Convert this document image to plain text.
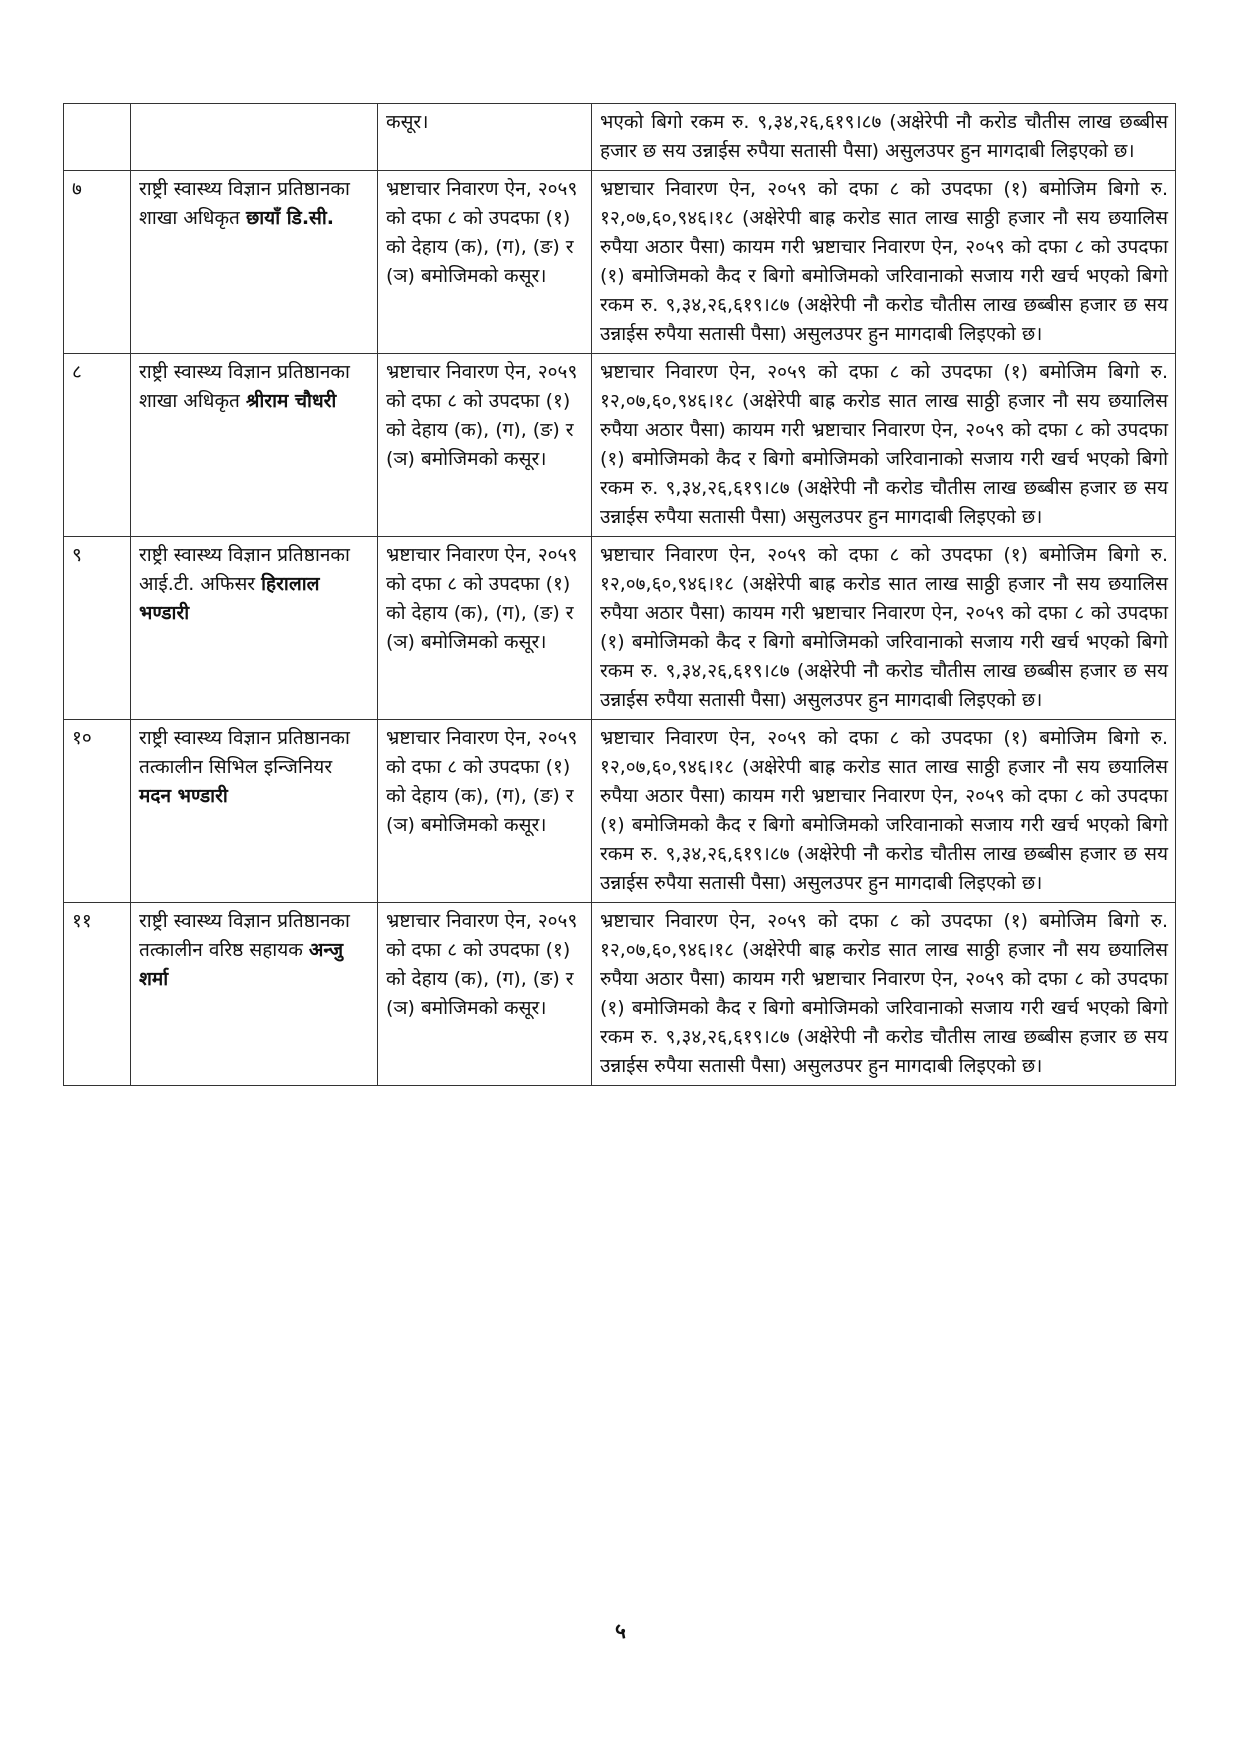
		कसूर।	भएको बिगो रकम रु. ९,३४,२६,६१९।८७ (अक्षेरेपी नौ करोड चौतीस लाख छब्बीस हजार छ सय उन्नाईस रुपैया सतासी पैसा) असुलउपर हुन मागदाबी लिइएको छ।
७	राष्ट्री स्वास्थ्य विज्ञान प्रतिष्ठानका शाखा अधिकृत छायाँ डि.सी.	भ्रष्टाचार निवारण ऐन, २०५९ को दफा ८ को उपदफा (१) को देहाय (क), (ग), (ङ) र (ञ) बमोजिमको कसूर।	भ्रष्टाचार निवारण ऐन, २०५९ को दफा ८ को उपदफा (१) बमोजिम बिगो रु. १२,०७,६०,९४६।१८ (अक्षेरेपी बाह्र करोड सात लाख साठ्ठी हजार नौ सय छयालिस रुपैया अठार पैसा) कायम गरी भ्रष्टाचार निवारण ऐन, २०५९ को दफा ८ को उपदफा (१) बमोजिमको कैद र बिगो बमोजिमको जरिवानाको सजाय गरी खर्च भएको बिगो रकम रु. ९,३४,२६,६१९।८७ (अक्षेरेपी नौ करोड चौतीस लाख छब्बीस हजार छ सय उन्नाईस रुपैया सतासी पैसा) असुलउपर हुन मागदाबी लिइएको छ।
८	राष्ट्री स्वास्थ्य विज्ञान प्रतिष्ठानका शाखा अधिकृत श्रीराम चौधरी	भ्रष्टाचार निवारण ऐन, २०५९ को दफा ८ को उपदफा (१) को देहाय (क), (ग), (ङ) र (ञ) बमोजिमको कसूर।	भ्रष्टाचार निवारण ऐन, २०५९ को दफा ८ को उपदफा (१) बमोजिम बिगो रु. १२,०७,६०,९४६।१८ (अक्षेरेपी बाह्र करोड सात लाख साठ्ठी हजार नौ सय छयालिस रुपैया अठार पैसा) कायम गरी भ्रष्टाचार निवारण ऐन, २०५९ को दफा ८ को उपदफा (१) बमोजिमको कैद र बिगो बमोजिमको जरिवानाको सजाय गरी खर्च भएको बिगो रकम रु. ९,३४,२६,६१९।८७ (अक्षेरेपी नौ करोड चौतीस लाख छब्बीस हजार छ सय उन्नाईस रुपैया सतासी पैसा) असुलउपर हुन मागदाबी लिइएको छ।
९	राष्ट्री स्वास्थ्य विज्ञान प्रतिष्ठानका आई.टी. अफिसर हिरालाल भण्डारी	भ्रष्टाचार निवारण ऐन, २०५९ को दफा ८ को उपदफा (१) को देहाय (क), (ग), (ङ) र (ञ) बमोजिमको कसूर।	भ्रष्टाचार निवारण ऐन, २०५९ को दफा ८ को उपदफा (१) बमोजिम बिगो रु. १२,०७,६०,९४६।१८ (अक्षेरेपी बाह्र करोड सात लाख साठ्ठी हजार नौ सय छयालिस रुपैया अठार पैसा) कायम गरी भ्रष्टाचार निवारण ऐन, २०५९ को दफा ८ को उपदफा (१) बमोजिमको कैद र बिगो बमोजिमको जरिवानाको सजाय गरी खर्च भएको बिगो रकम रु. ९,३४,२६,६१९।८७ (अक्षेरेपी नौ करोड चौतीस लाख छब्बीस हजार छ सय उन्नाईस रुपैया सतासी पैसा) असुलउपर हुन मागदाबी लिइएको छ।
१०	राष्ट्री स्वास्थ्य विज्ञान प्रतिष्ठानका तत्कालीन सिभिल इन्जिनियर मदन भण्डारी	भ्रष्टाचार निवारण ऐन, २०५९ को दफा ८ को उपदफा (१) को देहाय (क), (ग), (ङ) र (ञ) बमोजिमको कसूर।	भ्रष्टाचार निवारण ऐन, २०५९ को दफा ८ को उपदफा (१) बमोजिम बिगो रु. १२,०७,६०,९४६।१८ (अक्षेरेपी बाह्र करोड सात लाख साठ्ठी हजार नौ सय छयालिस रुपैया अठार पैसा) कायम गरी भ्रष्टाचार निवारण ऐन, २०५९ को दफा ८ को उपदफा (१) बमोजिमको कैद र बिगो बमोजिमको जरिवानाको सजाय गरी खर्च भएको बिगो रकम रु. ९,३४,२६,६१९।८७ (अक्षेरेपी नौ करोड चौतीस लाख छब्बीस हजार छ सय उन्नाईस रुपैया सतासी पैसा) असुलउपर हुन मागदाबी लिइएको छ।
११	राष्ट्री स्वास्थ्य विज्ञान प्रतिष्ठानका तत्कालीन वरिष्ठ सहायक अन्जु शर्मा	भ्रष्टाचार निवारण ऐन, २०५९ को दफा ८ को उपदफा (१) को देहाय (क), (ग), (ङ) र (ञ) बमोजिमको कसूर।	भ्रष्टाचार निवारण ऐन, २०५९ को दफा ८ को उपदफा (१) बमोजिम बिगो रु. १२,०७,६०,९४६।१८ (अक्षेरेपी बाह्र करोड सात लाख साठ्ठी हजार नौ सय छयालिस रुपैया अठार पैसा) कायम गरी भ्रष्टाचार निवारण ऐन, २०५९ को दफा ८ को उपदफा (१) बमोजिमको कैद र बिगो बमोजिमको जरिवानाको सजाय गरी खर्च भएको बिगो रकम रु. ९,३४,२६,६१९।८७ (अक्षेरेपी नौ करोड चौतीस लाख छब्बीस हजार छ सय उन्नाईस रुपैया सतासी पैसा) असुलउपर हुन मागदाबी लिइएको छ।
५
